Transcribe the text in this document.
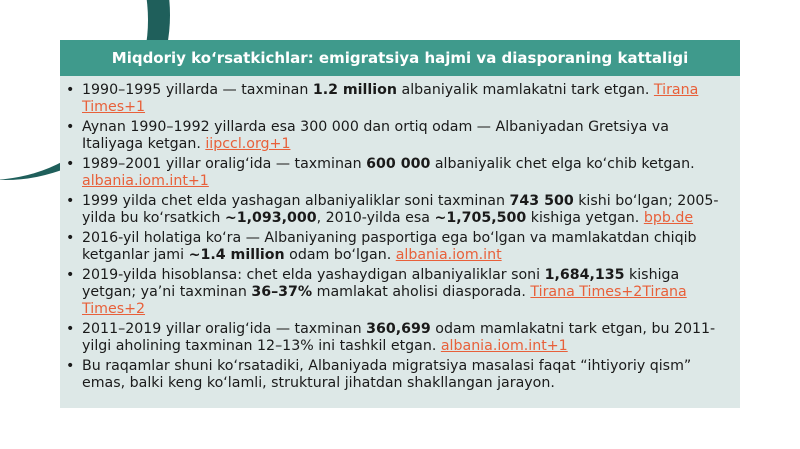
Miqdoriy ko‘rsatkichlar: emigratsiya hajmi va diasporaning kattaligi
• 1990–1995 yillarda — taxminan 1.2 million albaniyalik mamlakatni tark etgan. Tirana Times+1
• Aynan 1990–1992 yillarda esa 300 000 dan ortiq odam — Albaniyadan Gretsiya va Italiyaga ketgan. iipccl.org+1
• 1989–2001 yillar oralig‘ida — taxminan 600 000 albaniyalik chet elga ko‘chib ketgan. albania.iom.int+1
• 1999 yilda chet elda yashagan albaniyaliklar soni taxminan 743 500 kishi bo‘lgan; 2005-yilda bu ko‘rsatkich ~1,093,000, 2010-yilda esa ~1,705,500 kishiga yetgan. bpb.de
• 2016-yil holatiga ko‘ra — Albaniyaning pasportiga ega bo‘lgan va mamlakatdan chiqib ketganlar jami ~1.4 million odam bo‘lgan. albania.iom.int
• 2019-yilda hisoblansa: chet elda yashaydigan albaniyaliklar soni 1,684,135 kishiga yetgan; ya’ni taxminan 36–37% mamlakat aholisi diasporada. Tirana Times+2Tirana Times+2
• 2011–2019 yillar oralig‘ida — taxminan 360,699 odam mamlakatni tark etgan, bu 2011-yilgi aholining taxminan 12–13% ini tashkil etgan. albania.iom.int+1
• Bu raqamlar shuni ko‘rsatadiki, Albaniyada migratsiya masalasi faqat “ihtiyoriy qism” emas, balki keng ko‘lamli, struktural jihatdan shakllangan jarayon.
